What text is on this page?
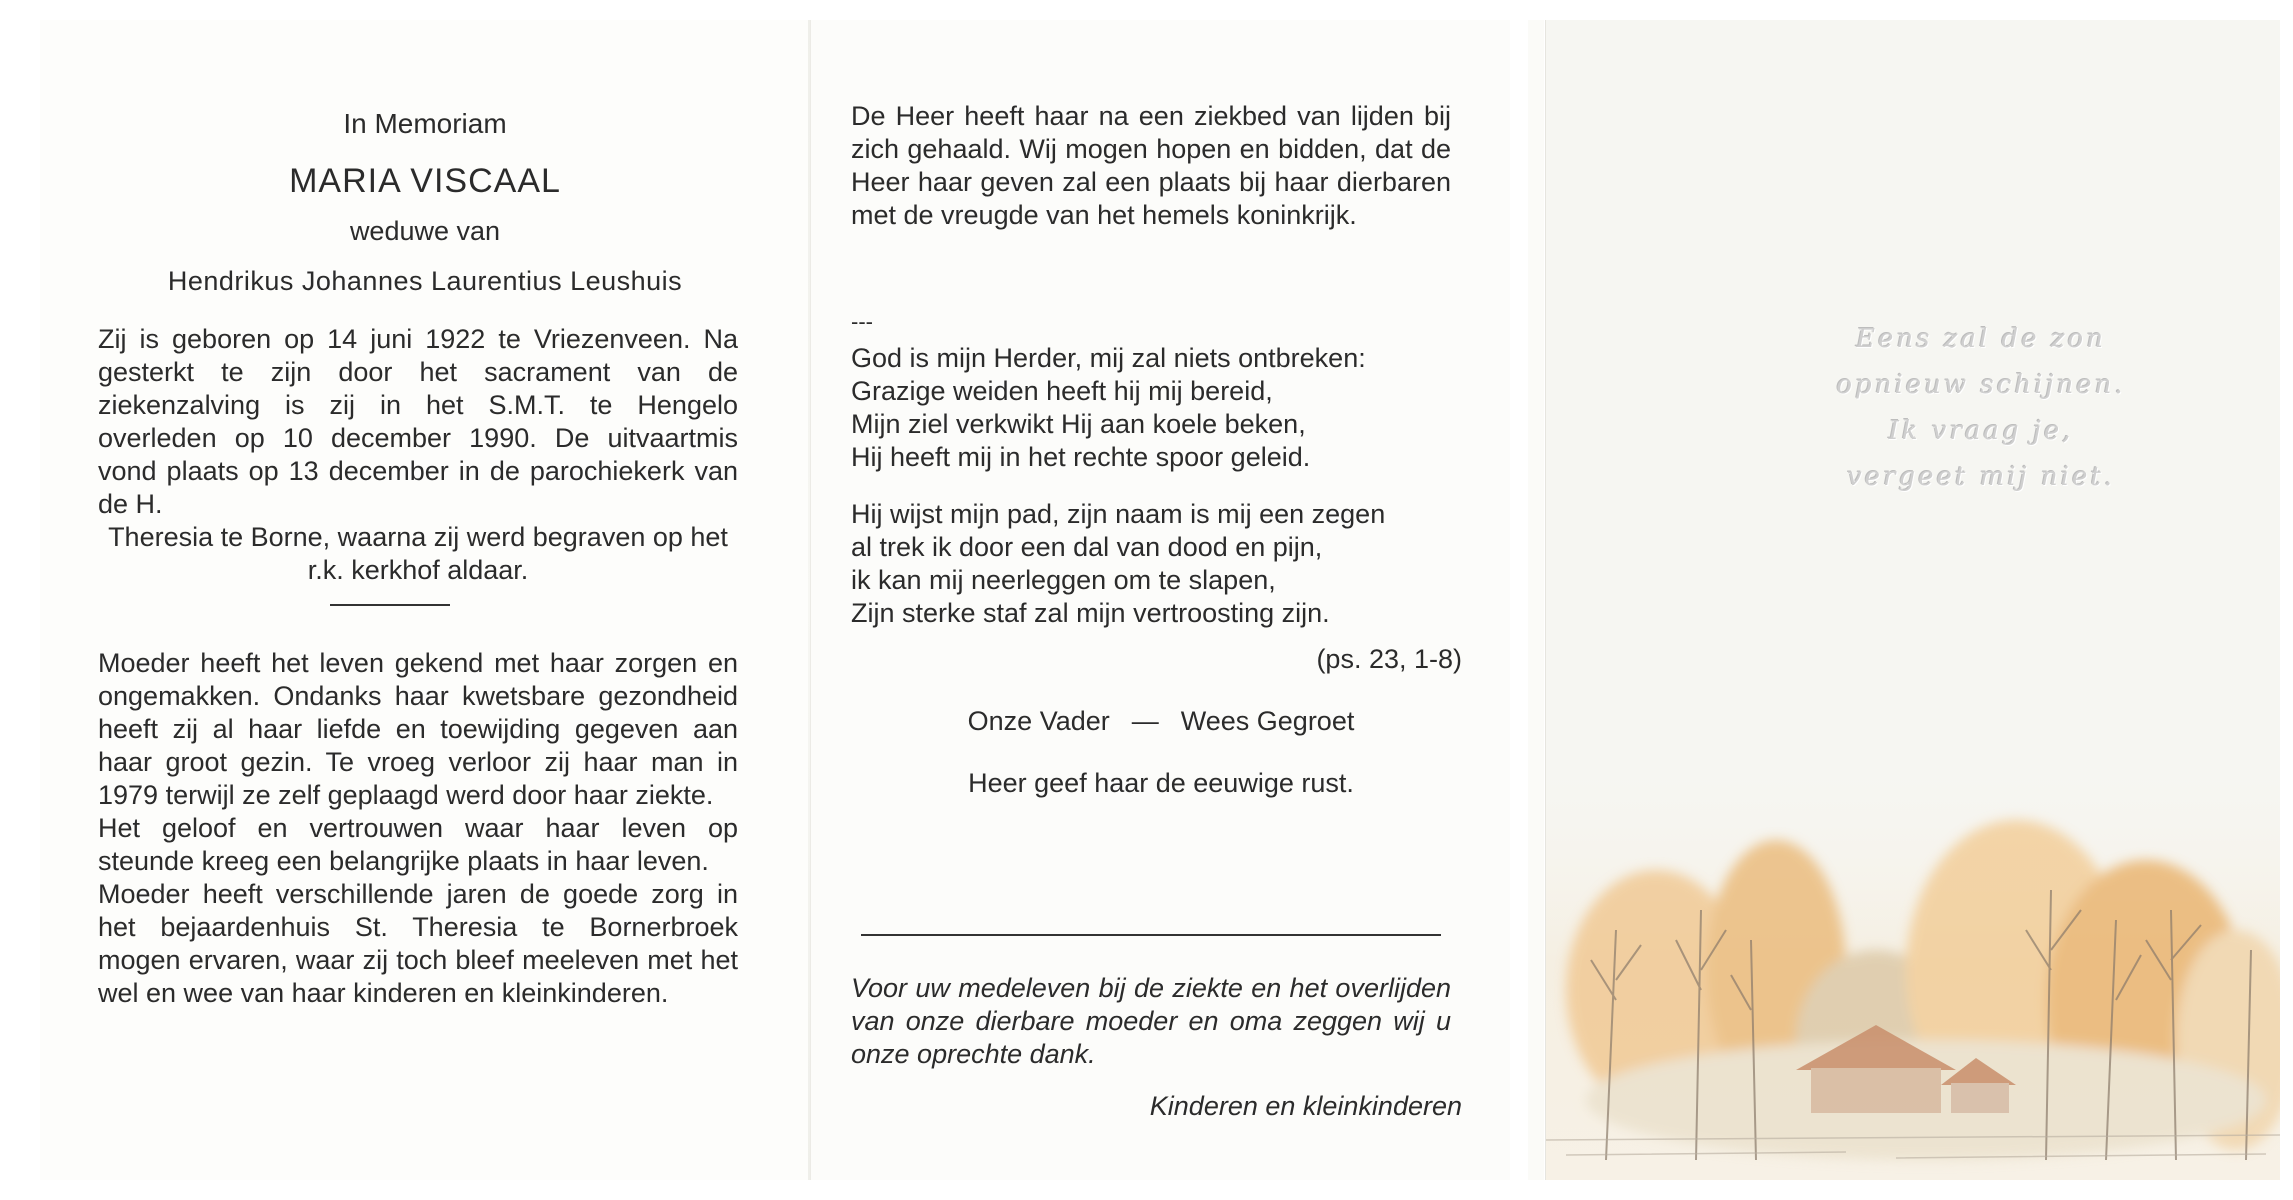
In Memoriam

MARIA VISCAAL

weduwe van

Hendrikus Johannes Laurentius Leushuis

Zij is geboren op 14 juni 1922 te Vriezenveen. Na gesterkt te zijn door het sacrament van de ziekenzalving is zij in het S.M.T. te Hengelo overleden op 10 december 1990. De uitvaartmis vond plaats op 13 december in de parochiekerk van de H.
Theresia te Borne, waarna zij werd begraven op het r.k. kerkhof aldaar.

Moeder heeft het leven gekend met haar zorgen en ongemakken. Ondanks haar kwetsbare gezondheid heeft zij al haar liefde en toewijding gegeven aan haar groot gezin. Te vroeg verloor zij haar man in 1979 terwijl ze zelf geplaagd werd door haar ziekte.
Het geloof en vertrouwen waar haar leven op steunde kreeg een belangrijke plaats in haar leven.
Moeder heeft verschillende jaren de goede zorg in het bejaardenhuis St. Theresia te Bornerbroek mogen ervaren, waar zij toch bleef meeleven met het wel en wee van haar kinderen en kleinkinderen.

De Heer heeft haar na een ziekbed van lijden bij zich gehaald. Wij mogen hopen en bidden, dat de Heer haar geven zal een plaats bij haar dierbaren met de vreugde van het hemels koninkrijk.

---

God is mijn Herder, mij zal niets ontbreken:
Grazige weiden heeft hij mij bereid,
Mijn ziel verkwikt Hij aan koele beken,
Hij heeft mij in het rechte spoor geleid.

Hij wijst mijn pad, zijn naam is mij een zegen
al trek ik door een dal van dood en pijn,
ik kan mij neerleggen om te slapen,
Zijn sterke staf zal mijn vertroosting zijn.

(ps. 23, 1-8)

Onze Vader — Wees Gegroet

Heer geef haar de eeuwige rust.

Voor uw medeleven bij de ziekte en het overlijden van onze dierbare moeder en oma zeggen wij u onze oprechte dank.

Kinderen en kleinkinderen

Eens zal de zon
opnieuw schijnen.
Ik vraag je,
vergeet mij niet.
